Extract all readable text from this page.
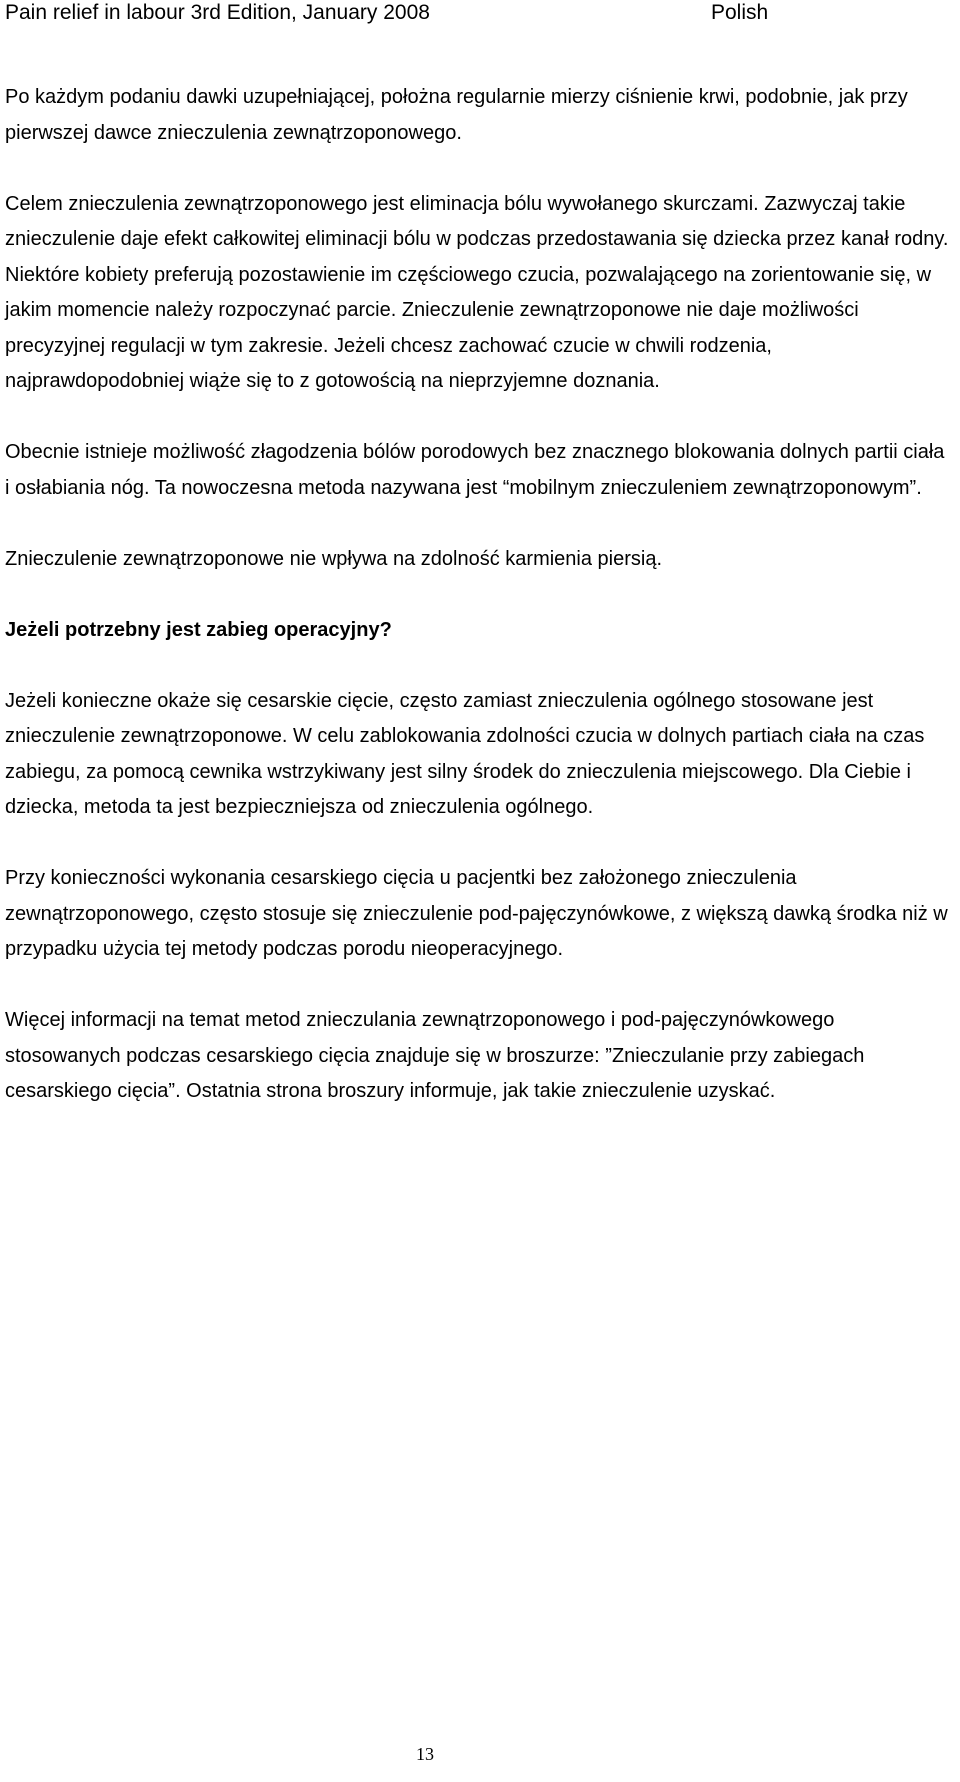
Pain relief in labour 3rd Edition, January 2008	Polish

Po każdym podaniu dawki uzupełniającej, położna regularnie mierzy ciśnienie krwi, podobnie, jak przy pierwszej dawce znieczulenia zewnątrzoponowego.

Celem znieczulenia zewnątrzoponowego jest eliminacja bólu wywołanego skurczami. Zazwyczaj takie znieczulenie daje efekt całkowitej eliminacji bólu w podczas przedostawania się dziecka przez kanał rodny. Niektóre kobiety preferują pozostawienie im częściowego czucia, pozwalającego na zorientowanie się, w jakim momencie należy rozpoczynać parcie. Znieczulenie zewnątrzoponowe nie daje możliwości precyzyjnej regulacji w tym zakresie. Jeżeli chcesz zachować czucie w chwili rodzenia, najprawdopodobniej wiąże się to z gotowością na nieprzyjemne doznania.

Obecnie istnieje możliwość złagodzenia bólów porodowych bez znacznego blokowania dolnych partii ciała i osłabiania nóg. Ta nowoczesna metoda nazywana jest “mobilnym znieczuleniem zewnątrzoponowym”.

Znieczulenie zewnątrzoponowe nie wpływa na zdolność karmienia piersią.

Jeżeli potrzebny jest zabieg operacyjny?

Jeżeli konieczne okaże się cesarskie cięcie, często zamiast znieczulenia ogólnego stosowane jest znieczulenie zewnątrzoponowe. W celu zablokowania zdolności czucia w dolnych partiach ciała na czas zabiegu, za pomocą cewnika wstrzykiwany jest silny środek do znieczulenia miejscowego. Dla Ciebie i dziecka, metoda ta jest bezpieczniejsza od znieczulenia ogólnego.

Przy konieczności wykonania cesarskiego cięcia u pacjentki bez założonego znieczulenia zewnątrzoponowego, często stosuje się znieczulenie pod-pajęczynówkowe, z większą dawką środka niż w przypadku użycia tej metody podczas porodu nieoperacyjnego.

Więcej informacji na temat metod znieczulania zewnątrzoponowego i pod-pajęczynówkowego stosowanych podczas cesarskiego cięcia znajduje się w broszurze: ”Znieczulanie przy zabiegach cesarskiego cięcia”. Ostatnia strona broszury informuje, jak takie znieczulenie uzyskać.

13
